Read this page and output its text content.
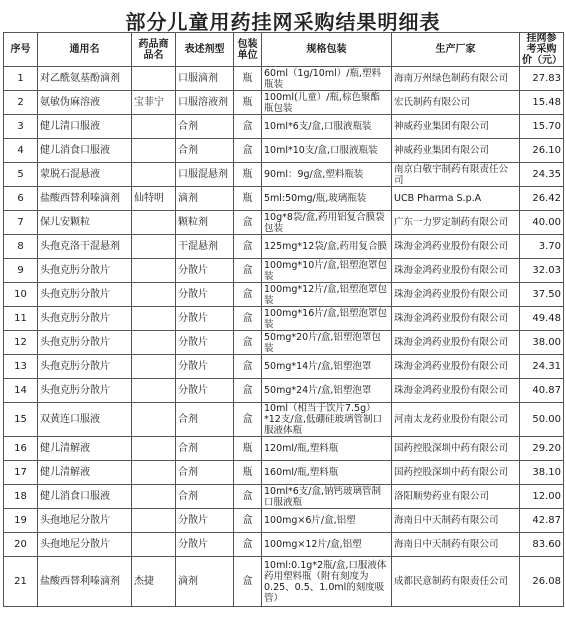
部分儿童用药挂网采购结果明细表
序号	通用名	药品商品名	表述剂型	包装单位	规格包装	生产厂家	挂网参考采购价（元）
1	对乙酰氨基酚滴剂		口服滴剂	瓶	60ml（1g/10ml）/瓶,塑料瓶装	海南万州绿色制药有限公司	27.83
2	氨敏伪麻溶液	宝菲宁	口服溶液剂	瓶	100ml(儿童）/瓶,棕色聚酯瓶包装	宏氏制药有限公司	15.48
3	健儿清口服液		合剂	盒	10ml*6支/盒,口服液瓶装	神威药业集团有限公司	15.70
4	健儿消食口服液		合剂	盒	10ml*10支/盒,口服液瓶装	神威药业集团有限公司	26.10
5	蒙脱石混悬液		口服混悬剂	瓶	90ml：9g/盒,塑料瓶装	南京白敬宇制药有限责任公司	24.35
6	盐酸西替利嗪滴剂	仙特明	滴剂	瓶	5ml:50mg/瓶,玻璃瓶装	UCB Pharma S.p.A	26.42
7	保儿安颗粒		颗粒剂	盒	10g*8袋/盒,药用铝复合膜袋包装	广东一力罗定制药有限公司	40.00
8	头孢克洛干混悬剂		干混悬剂	盒	125mg*12袋/盒,药用复合膜	珠海金鸿药业股份有限公司	3.70
9	头孢克肟分散片		分散片	盒	100mg*10片/盒,铝塑泡罩包装	珠海金鸿药业股份有限公司	32.03
10	头孢克肟分散片		分散片	盒	100mg*12片/盒,铝塑泡罩包装	珠海金鸿药业股份有限公司	37.50
11	头孢克肟分散片		分散片	盒	100mg*16片/盒,铝塑泡罩包装	珠海金鸿药业股份有限公司	49.48
12	头孢克肟分散片		分散片	盒	50mg*20片/盒,铝塑泡罩包装	珠海金鸿药业股份有限公司	38.00
13	头孢克肟分散片		分散片	盒	50mg*14片/盒,铝塑泡罩	珠海金鸿药业股份有限公司	24.31
14	头孢克肟分散片		分散片	盒	50mg*24片/盒,铝塑泡罩	珠海金鸿药业股份有限公司	40.87
15	双黄连口服液		合剂	盒	10ml（相当于饮片7.5g）*12支/盒,低硼硅玻璃管制口服液体瓶	河南太龙药业股份有限公司	50.00
16	健儿清解液		合剂	瓶	120ml/瓶,塑料瓶	国药控股深圳中药有限公司	29.20
17	健儿清解液		合剂	瓶	160ml/瓶,塑料瓶	国药控股深圳中药有限公司	38.10
18	健儿消食口服液		合剂	盒	10ml*6支/盒,钠钙玻璃管制口服液瓶	洛阳顺势药业有限公司	12.00
19	头孢地尼分散片		分散片	盒	100mg×6片/盒,铝塑	海南日中天制药有限公司	42.87
20	头孢地尼分散片		分散片	盒	100mg×12片/盒,铝塑	海南日中天制药有限公司	83.60
21	盐酸西替利嗪滴剂	杰捷	滴剂	盒	10ml:0.1g*2瓶/盒,口服液体药用塑料瓶（附有刻度为0.25、0.5、1.0ml的刻度吸管）	成都民意制药有限责任公司	26.08
